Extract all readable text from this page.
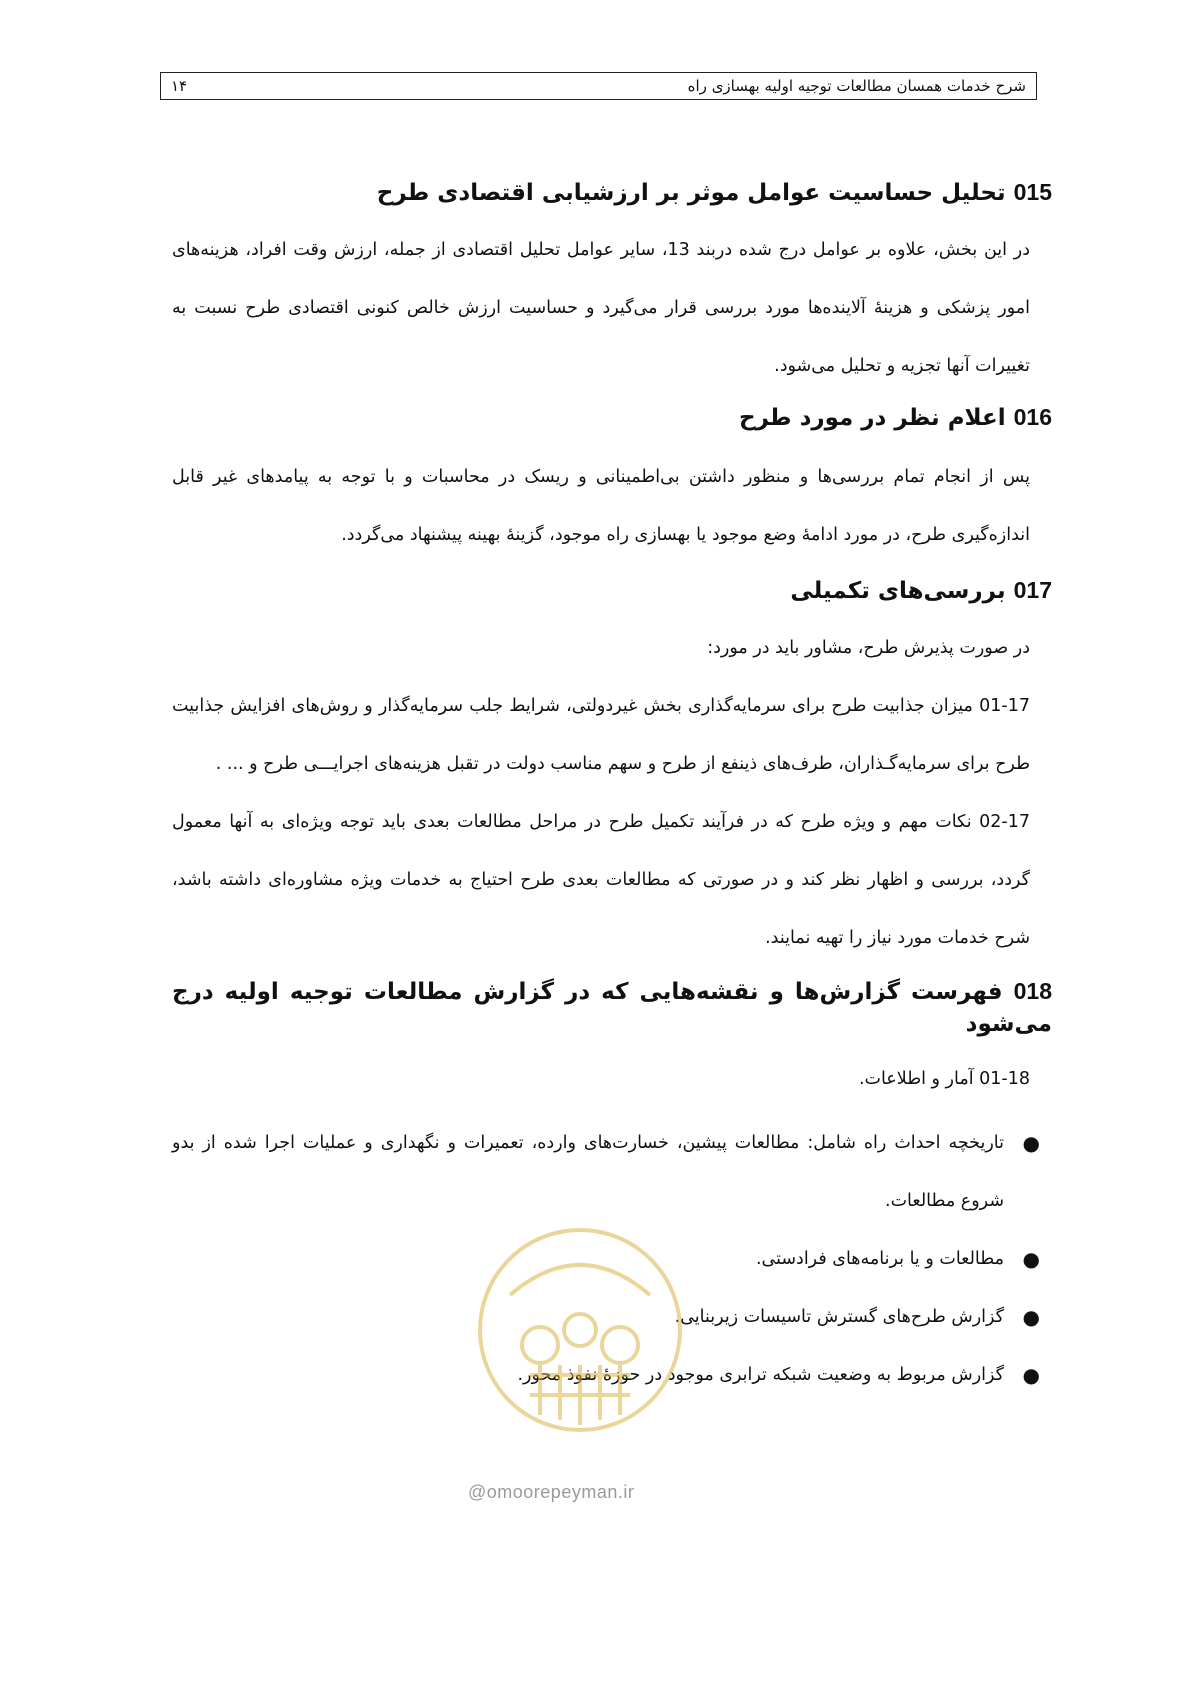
۱۴	شرح خدمات همسان مطالعات توجیه اولیه بهسازی راه
015 تحلیل حساسیت عوامل موثر بر ارزشیابی اقتصادی طرح

در این بخش، علاوه بر عوامل درج شده دربند 13، سایر عوامل تحلیل اقتصادی از جمله، ارزش وقت افراد، هزینه‌های امور پزشکی و هزینهٔ آلاینده‌ها مورد بررسی قرار می‌گیرد و حساسیت ارزش خالص کنونی اقتصادی طرح نسبت به تغییرات آنها تجزیه و تحلیل می‌شود.

016 اعلام نظر در مورد طرح

پس از انجام تمام بررسی‌ها و منظور داشتن بی‌اطمینانی و ریسک در محاسبات و با توجه به پیامدهای غیر قابل اندازه‌گیری طرح، در مورد ادامهٔ وضع موجود یا بهسازی راه موجود، گزینهٔ بهینه پیشنهاد می‌گردد.

017 بررسی‌های تکمیلی

در صورت پذیرش طرح، مشاور باید در مورد:

01-17 میزان جذابیت طرح برای سرمایه‌گذاری بخش غیردولتی، شرایط جلب سرمایه‌گذار و روش‌های افزایش جذابیت طرح برای سرمایه‌گـذاران، طرف‌های ذینفع از طرح و سهم مناسب دولت در تقبل هزینه‌های اجرایـــی طرح و ... .

02-17 نکات مهم و ویژه طرح که در فرآیند تکمیل طرح در مراحل مطالعات بعدی باید توجه ویژه‌ای به آنها معمول گردد، بررسی و اظهار نظر کند و در صورتی که مطالعات بعدی طرح احتیاج به خدمات ویژه مشاوره‌ای داشته باشد، شرح خدمات مورد نیاز را تهیه نمایند.

018 فهرست گزارش‌ها و نقشه‌هایی که در گزارش مطالعات توجیه اولیه درج می‌شود

01-18 آمار و اطلاعات.

●
تاریخچه احداث راه شامل: مطالعات پیشین، خسارت‌های وارده، تعمیرات و نگهداری و عملیات اجرا شده از بدو شروع مطالعات.
●
مطالعات و یا برنامه‌های فرادستی.
●
گزارش طرح‌های گسترش تاسیسات زیربنایی.
●
گزارش مربوط به وضعیت شبکه ترابری موجود در حوزهٔ نفوذ محور.
@omoorepeyman.ir
